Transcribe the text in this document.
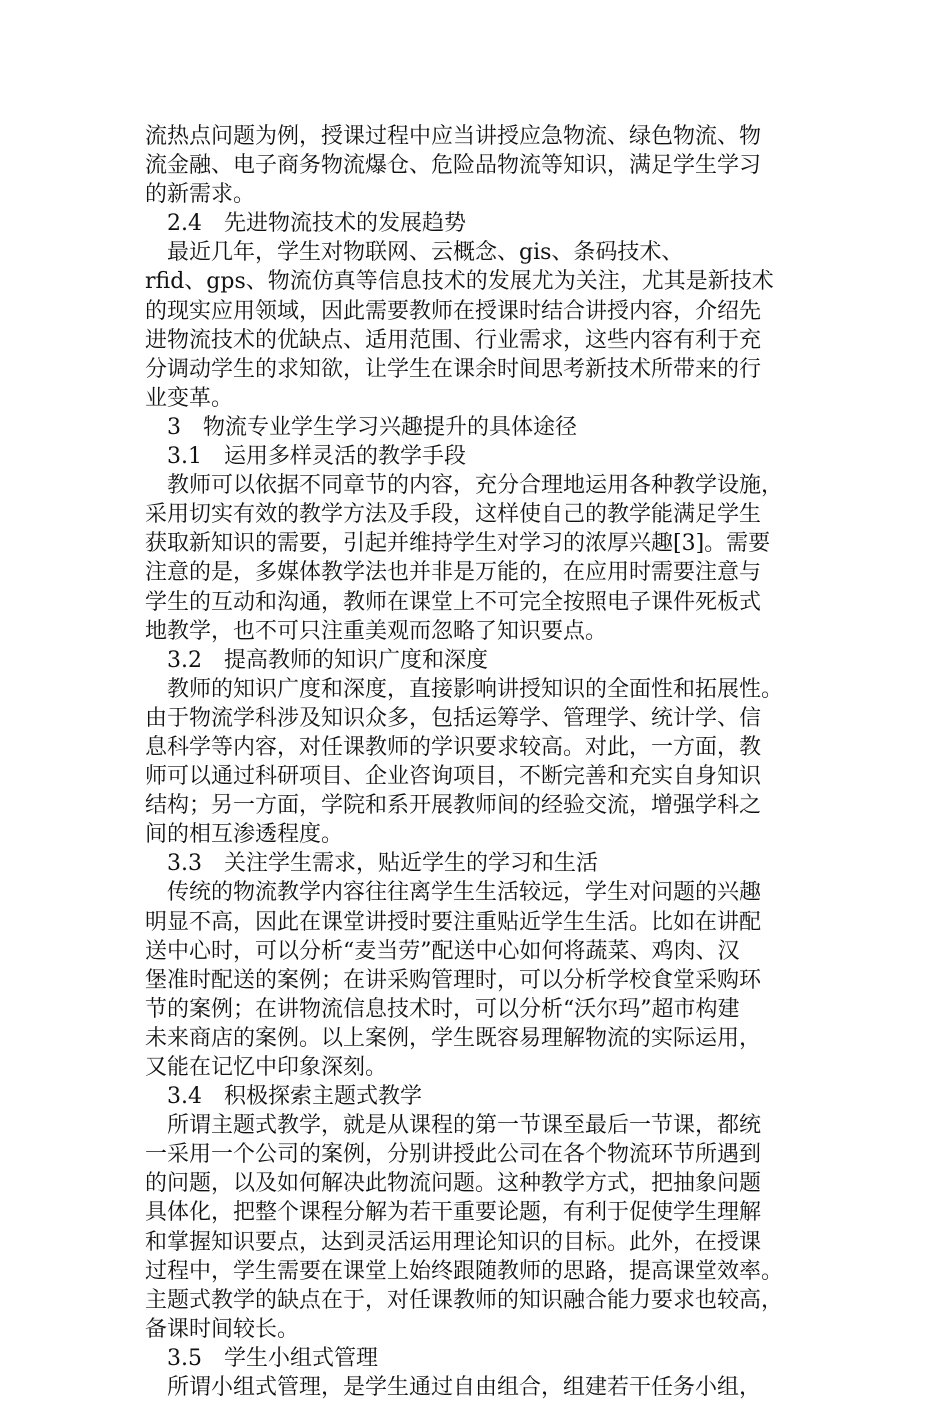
流热点问题为例，授课过程中应当讲授应急物流、绿色物流、物
流金融、电子商务物流爆仓、危险品物流等知识，满足学生学习
的新需求。
2.4　先进物流技术的发展趋势
最近几年，学生对物联网、云概念、gis、条码技术、
rfid、gps、物流仿真等信息技术的发展尤为关注，尤其是新技术
的现实应用领域，因此需要教师在授课时结合讲授内容，介绍先
进物流技术的优缺点、适用范围、行业需求，这些内容有利于充
分调动学生的求知欲，让学生在课余时间思考新技术所带来的行
业变革。
3　物流专业学生学习兴趣提升的具体途径
3.1　运用多样灵活的教学手段
教师可以依据不同章节的内容，充分合理地运用各种教学设施，
采用切实有效的教学方法及手段，这样使自己的教学能满足学生
获取新知识的需要，引起并维持学生对学习的浓厚兴趣[3]。需要
注意的是，多媒体教学法也并非是万能的，在应用时需要注意与
学生的互动和沟通，教师在课堂上不可完全按照电子课件死板式
地教学，也不可只注重美观而忽略了知识要点。
3.2　提高教师的知识广度和深度
教师的知识广度和深度，直接影响讲授知识的全面性和拓展性。
由于物流学科涉及知识众多，包括运筹学、管理学、统计学、信
息科学等内容，对任课教师的学识要求较高。对此，一方面，教
师可以通过科研项目、企业咨询项目，不断完善和充实自身知识
结构；另一方面，学院和系开展教师间的经验交流，增强学科之
间的相互渗透程度。
3.3　关注学生需求，贴近学生的学习和生活
传统的物流教学内容往往离学生生活较远，学生对问题的兴趣
明显不高，因此在课堂讲授时要注重贴近学生生活。比如在讲配
送中心时，可以分析“麦当劳”配送中心如何将蔬菜、鸡肉、汉
堡准时配送的案例；在讲采购管理时，可以分析学校食堂采购环
节的案例；在讲物流信息技术时，可以分析“沃尔玛”超市构建
未来商店的案例。以上案例，学生既容易理解物流的实际运用，
又能在记忆中印象深刻。
3.4　积极探索主题式教学
所谓主题式教学，就是从课程的第一节课至最后一节课，都统
一采用一个公司的案例，分别讲授此公司在各个物流环节所遇到
的问题，以及如何解决此物流问题。这种教学方式，把抽象问题
具体化，把整个课程分解为若干重要论题，有利于促使学生理解
和掌握知识要点，达到灵活运用理论知识的目标。此外，在授课
过程中，学生需要在课堂上始终跟随教师的思路，提高课堂效率。
主题式教学的缺点在于，对任课教师的知识融合能力要求也较高，
备课时间较长。
3.5　学生小组式管理
所谓小组式管理，是学生通过自由组合，组建若干任务小组，
